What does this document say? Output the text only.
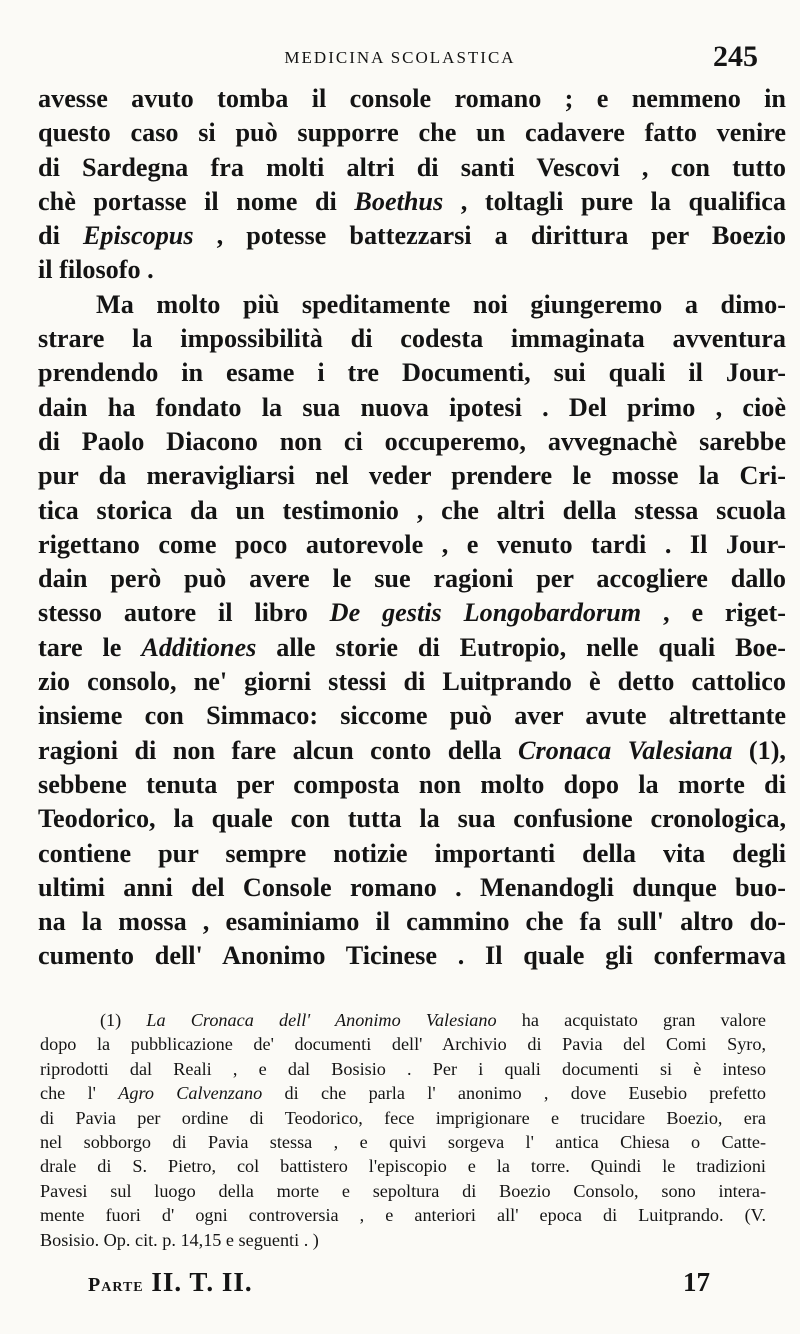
MEDICINA SCOLASTICA	245
avesse avuto tomba il console romano ; e nemmeno in
questo caso si può supporre che un cadavere fatto venire
di Sardegna fra molti altri di santi Vescovi , con tutto
chè portasse il nome di Boethus , toltagli pure la qualifica
di Episcopus , potesse battezzarsi a dirittura per Boezio
il filosofo .
Ma molto più speditamente noi giungeremo a dimo-
strare la impossibilità di codesta immaginata avventura
prendendo in esame i tre Documenti, sui quali il Jour-
dain ha fondato la sua nuova ipotesi . Del primo , cioè
di Paolo Diacono non ci occuperemo, avvegnachè sarebbe
pur da meravigliarsi nel veder prendere le mosse la Cri-
tica storica da un testimonio , che altri della stessa scuola
rigettano come poco autorevole , e venuto tardi . Il Jour-
dain però può avere le sue ragioni per accogliere dallo
stesso autore il libro De gestis Longobardorum , e riget-
tare le Additiones alle storie di Eutropio, nelle quali Boe-
zio consolo, ne' giorni stessi di Luitprando è detto cattolico
insieme con Simmaco: siccome può aver avute altrettante
ragioni di non fare alcun conto della Cronaca Valesiana (1),
sebbene tenuta per composta non molto dopo la morte di
Teodorico, la quale con tutta la sua confusione cronologica,
contiene pur sempre notizie importanti della vita degli
ultimi anni del Console romano . Menandogli dunque buo-
na la mossa , esaminiamo il cammino che fa sull' altro do-
cumento dell' Anonimo Ticinese . Il quale gli confermava
(1) La Cronaca dell' Anonimo Valesiano ha acquistato gran valore
dopo la pubblicazione de' documenti dell' Archivio di Pavia del Comi Syro,
riprodotti dal Reali , e dal Bosisio . Per i quali documenti si è inteso
che l' Agro Calvenzano di che parla l' anonimo , dove Eusebio prefetto
di Pavia per ordine di Teodorico, fece imprigionare e trucidare Boezio, era
nel sobborgo di Pavia stessa , e quivi sorgeva l' antica Chiesa o Catte-
drale di S. Pietro, col battistero l'episcopio e la torre. Quindi le tradizioni
Pavesi sul luogo della morte e sepoltura di Boezio Consolo, sono intera-
mente fuori d' ogni controversia , e anteriori all' epoca di Luitprando. (V.
Bosisio. Op. cit. p. 14,15 e seguenti . )
Parte II. T. II.	17
